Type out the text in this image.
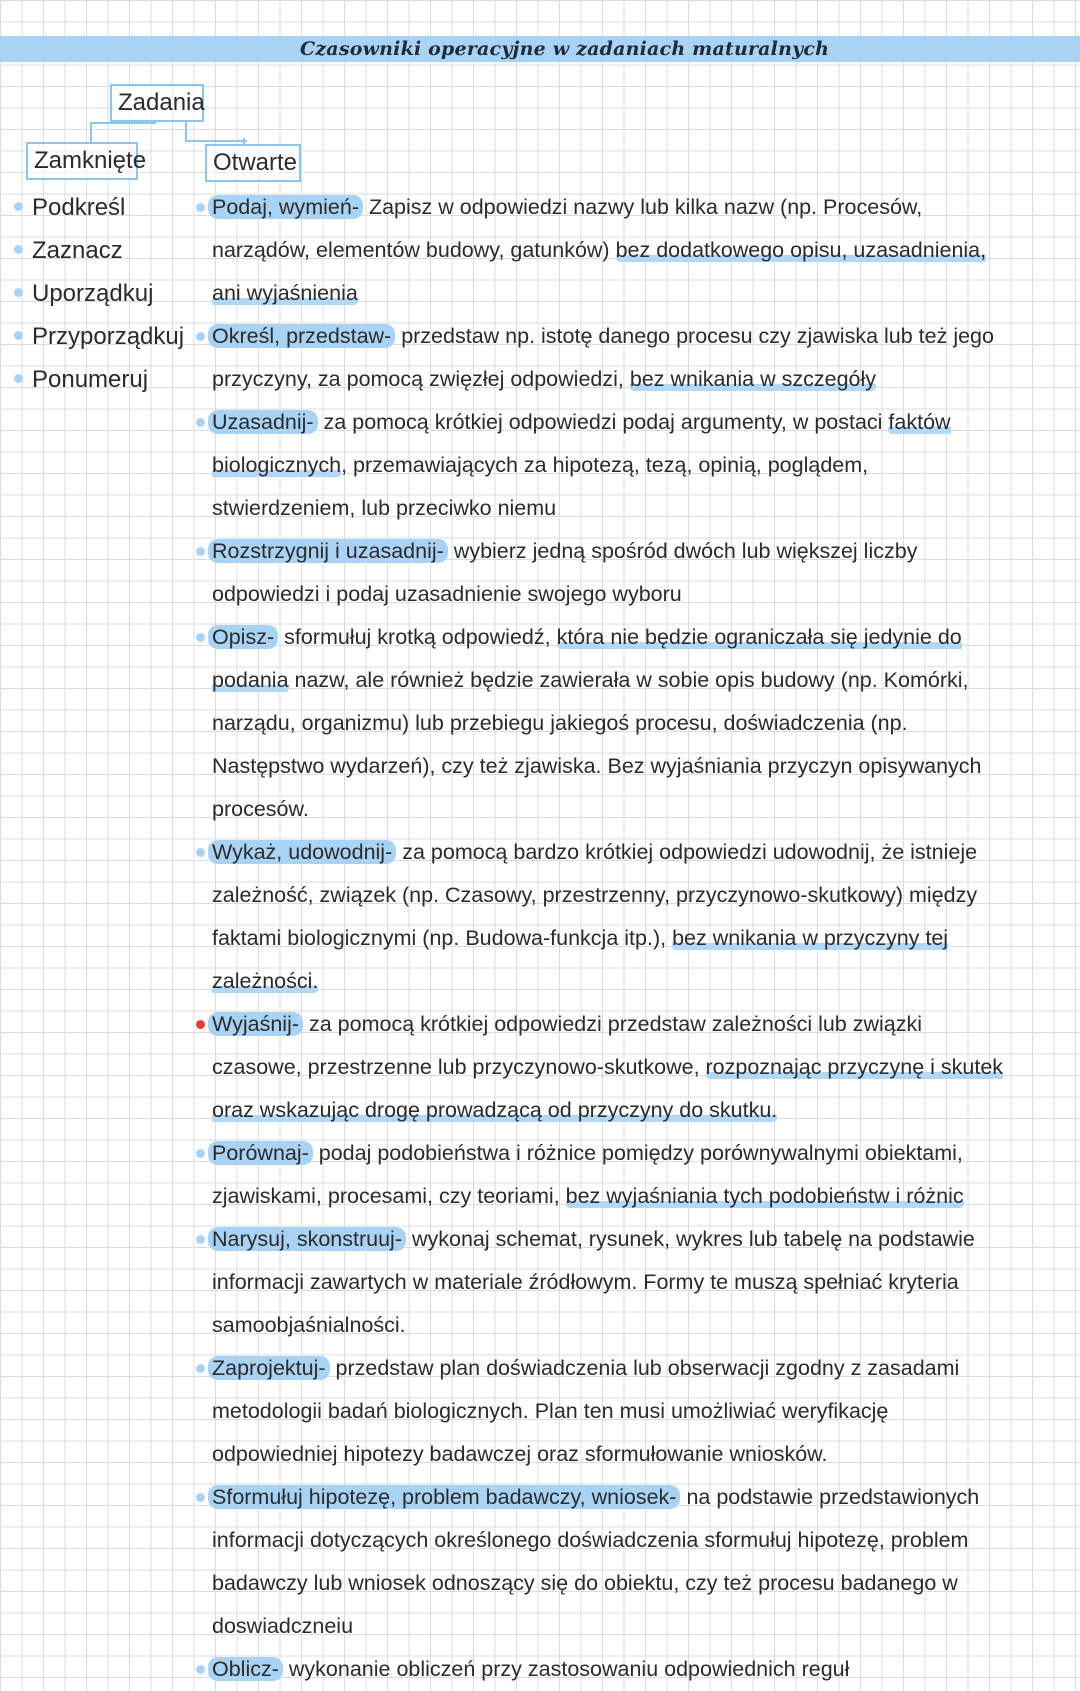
Czasowniki operacyjne w zadaniach maturalnych
Zadania
Zamknięte	Otwarte
Podkreśl
Zaznacz
Uporządkuj
Przyporządkuj
Ponumeruj
Podaj, wymień- Zapisz w odpowiedzi nazwy lub kilka nazw (np. Procesów, narządów, elementów budowy, gatunków) bez dodatkowego opisu, uzasadnienia, ani wyjaśnienia
Określ, przedstaw- przedstaw np. istotę danego procesu czy zjawiska lub też jego przyczyny, za pomocą zwięzłej odpowiedzi, bez wnikania w szczegóły
Uzasadnij- za pomocą krótkiej odpowiedzi podaj argumenty, w postaci faktów biologicznych, przemawiających za hipotezą, tezą, opinią, poglądem, stwierdzeniem, lub przeciwko niemu
Rozstrzygnij i uzasadnij- wybierz jedną spośród dwóch lub większej liczby odpowiedzi i podaj uzasadnienie swojego wyboru
Opisz- sformułuj krotką odpowiedź, która nie będzie ograniczała się jedynie do podania nazw, ale również będzie zawierała w sobie opis budowy (np. Komórki, narządu, organizmu) lub przebiegu jakiegoś procesu, doświadczenia (np. Następstwo wydarzeń), czy też zjawiska. Bez wyjaśniania przyczyn opisywanych procesów.
Wykaż, udowodnij- za pomocą bardzo krótkiej odpowiedzi udowodnij, że istnieje zależność, związek (np. Czasowy, przestrzenny, przyczynowo-skutkowy) między faktami biologicznymi (np. Budowa-funkcja itp.), bez wnikania w przyczyny tej zależności.
Wyjaśnij- za pomocą krótkiej odpowiedzi przedstaw zależności lub związki czasowe, przestrzenne lub przyczynowo-skutkowe, rozpoznając przyczynę i skutek oraz wskazując drogę prowadzącą od przyczyny do skutku.
Porównaj- podaj podobieństwa i różnice pomiędzy porównywalnymi obiektami, zjawiskami, procesami, czy teoriami, bez wyjaśniania tych podobieństw i różnic
Narysuj, skonstruuj- wykonaj schemat, rysunek, wykres lub tabelę na podstawie informacji zawartych w materiale źródłowym. Formy te muszą spełniać kryteria samoobjaśnialności.
Zaprojektuj- przedstaw plan doświadczenia lub obserwacji zgodny z zasadami metodologii badań biologicznych. Plan ten musi umożliwiać weryfikację odpowiedniej hipotezy badawczej oraz sformułowanie wniosków.
Sformułuj hipotezę, problem badawczy, wniosek- na podstawie przedstawionych informacji dotyczących określonego doświadczenia sformułuj hipotezę, problem badawczy lub wniosek odnoszący się do obiektu, czy też procesu badanego w doswiadczneiu
Oblicz- wykonanie obliczeń przy zastosowaniu odpowiednich reguł
